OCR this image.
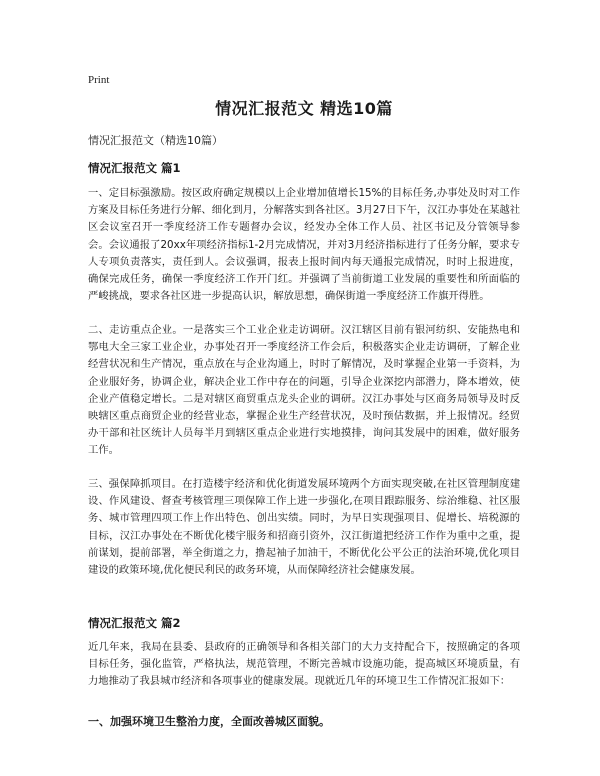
Print
情况汇报范文 精选10篇
情况汇报范文（精选10篇）
情况汇报范文 篇1

一、定目标强激励。按区政府确定规模以上企业增加值增长15%的目标任务,办事处及时对工作方案及目标任务进行分解、细化到月，分解落实到各社区。3月27日下午，汉江办事处在某越社区会议室召开一季度经济工作专题督办会议，经发办全体工作人员、社区书记及分管领导参会。会议通报了20xx年项经济指标1-2月完成情况，并对3月经济指标进行了任务分解，要求专人专项负责落实，责任到人。会议强调，报表上报时间内每天通报完成情况，时时上报进度，确保完成任务，确保一季度经济工作开门红。并强调了当前街道工业发展的重要性和所面临的严峻挑战，要求各社区进一步提高认识，解放思想，确保街道一季度经济工作旗开得胜。

二、走访重点企业。一是落实三个工业企业走访调研。汉江辖区目前有银河纺织、安能热电和鄂电大全三家工业企业，办事处召开一季度经济工作会后，积极落实企业走访调研，了解企业经营状况和生产情况，重点放在与企业沟通上，时时了解情况，及时掌握企业第一手资料，为企业服好务，协调企业，解决企业工作中存在的问题，引导企业深挖内部潜力，降本增效，使企业产值稳定增长。二是对辖区商贸重点龙头企业的调研。汉江办事处与区商务局领导及时反映辖区重点商贸企业的经营业态，掌握企业生产经营状况，及时预估数据，并上报情况。经贸办干部和社区统计人员每半月到辖区重点企业进行实地摸排，询问其发展中的困难，做好服务工作。

三、强保障抓项目。在打造楼宇经济和优化街道发展环境两个方面实现突破,在社区管理制度建设、作风建设、督查考核管理三项保障工作上进一步强化,在项目跟踪服务、综治维稳、社区服务、城市管理四项工作上作出特色、创出实绩。同时，为早日实现强项目、促增长、培税源的目标，汉江办事处在不断优化楼宇服务和招商引资外，汉江街道把经济工作作为重中之重，提前谋划，提前部署，举全街道之力，撸起袖子加油干，不断优化公平公正的法治环境,优化项目建设的政策环境,优化便民利民的政务环境，从而保障经济社会健康发展。

情况汇报范文 篇2

近几年来，我局在县委、县政府的正确领导和各相关部门的大力支持配合下，按照确定的各项目标任务，强化监管，严格执法，规范管理，不断完善城市设施功能，提高城区环境质量，有力地推动了我县城市经济和各项事业的健康发展。现就近几年的环境卫生工作情况汇报如下：

一、加强环境卫生整治力度，全面改善城区面貌。
